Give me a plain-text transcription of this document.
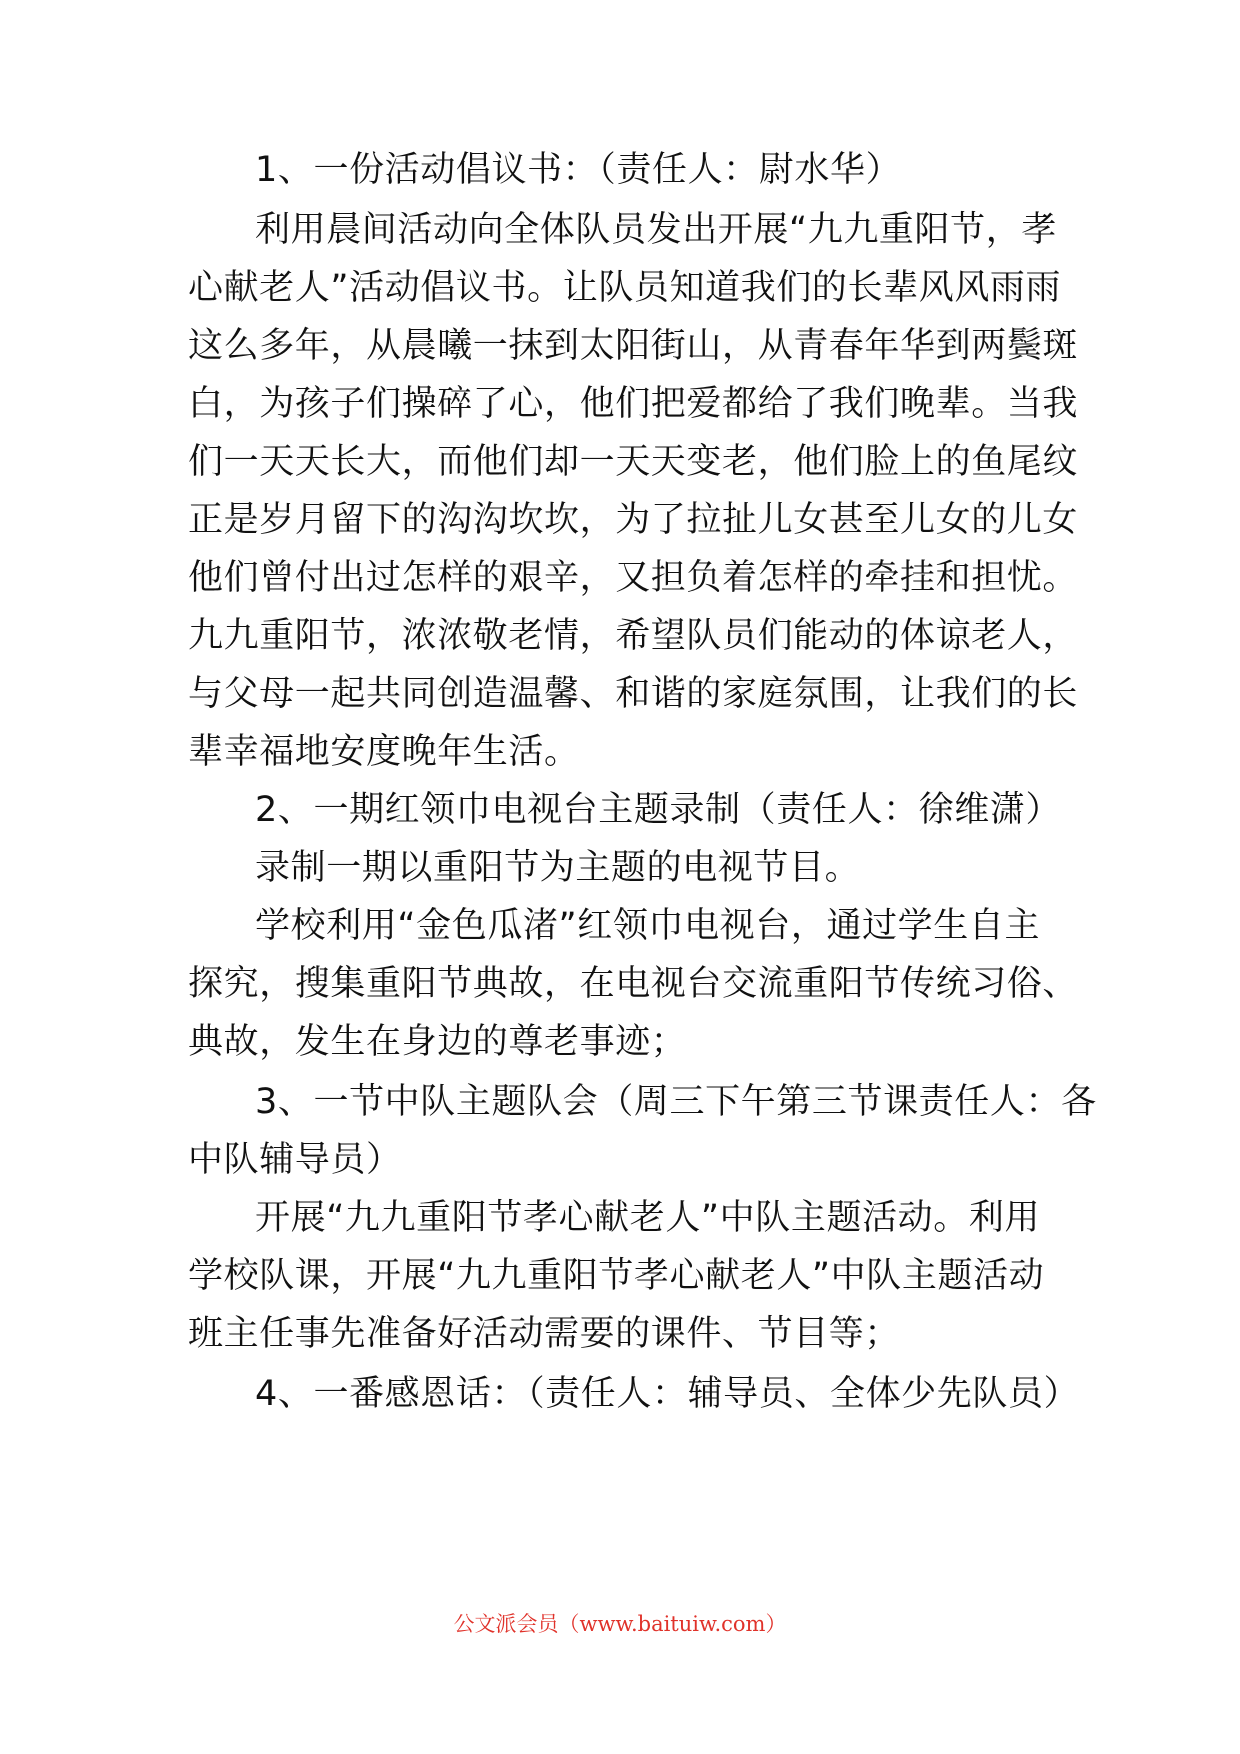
1、一份活动倡议书：（责任人：尉水华）
利用晨间活动向全体队员发出开展“九九重阳节，孝
心献老人”活动倡议书。让队员知道我们的长辈风风雨雨
这么多年，从晨曦一抹到太阳街山，从青春年华到两鬓斑
白，为孩子们操碎了心，他们把爱都给了我们晚辈。当我
们一天天长大，而他们却一天天变老，他们脸上的鱼尾纹
正是岁月留下的沟沟坎坎，为了拉扯儿女甚至儿女的儿女
他们曾付出过怎样的艰辛，又担负着怎样的牵挂和担忧。
九九重阳节，浓浓敬老情，希望队员们能动的体谅老人，
与父母一起共同创造温馨、和谐的家庭氛围，让我们的长
辈幸福地安度晚年生活。
2、一期红领巾电视台主题录制（责任人：徐维潇）
录制一期以重阳节为主题的电视节目。
学校利用“金色瓜渚”红领巾电视台，通过学生自主
探究，搜集重阳节典故，在电视台交流重阳节传统习俗、
典故，发生在身边的尊老事迹；
3、一节中队主题队会（周三下午第三节课责任人：各
中队辅导员）
开展“九九重阳节孝心献老人”中队主题活动。利用
学校队课，开展“九九重阳节孝心献老人”中队主题活动
班主任事先准备好活动需要的课件、节目等；
4、一番感恩话：（责任人：辅导员、全体少先队员）
公文派会员（www.baituiw.com）
